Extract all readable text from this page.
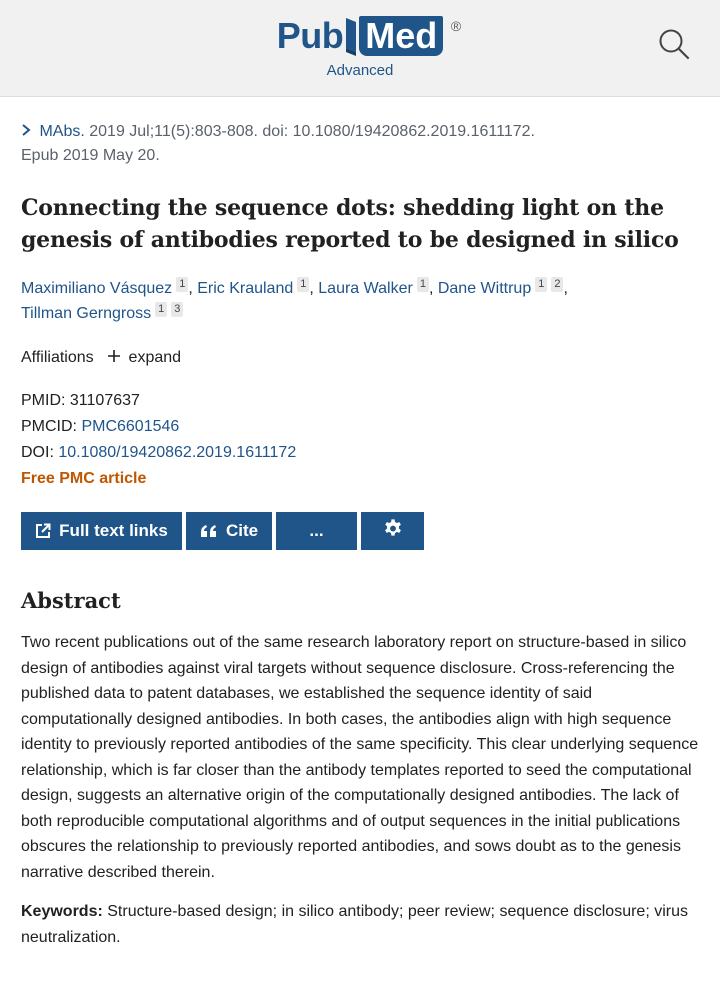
Pub Med ®
Advanced
MAbs. 2019 Jul;11(5):803-808. doi: 10.1080/19420862.2019.1611172.
Epub 2019 May 20.
Connecting the sequence dots: shedding light on the genesis of antibodies reported to be designed in silico
Maximiliano Vásquez 1 , Eric Krauland 1 , Laura Walker 1 , Dane Wittrup 1 2 ,
Tillman Gerngross 1 3
Affiliations expand
PMID: 31107637
PMCID: PMC6601546
DOI: 10.1080/19420862.2019.1611172
Free PMC article
Full text links	Cite	...
Abstract

Two recent publications out of the same research laboratory report on structure-based in silico design of antibodies against viral targets without sequence disclosure. Cross-referencing the published data to patent databases, we established the sequence identity of said computationally designed antibodies. In both cases, the antibodies align with high sequence identity to previously reported antibodies of the same specificity. This clear underlying sequence relationship, which is far closer than the antibody templates reported to seed the computational design, suggests an alternative origin of the computationally designed antibodies. The lack of both reproducible computational algorithms and of output sequences in the initial publications obscures the relationship to previously reported antibodies, and sows doubt as to the genesis narrative described therein.

Keywords: Structure-based design; in silico antibody; peer review; sequence disclosure; virus neutralization.
